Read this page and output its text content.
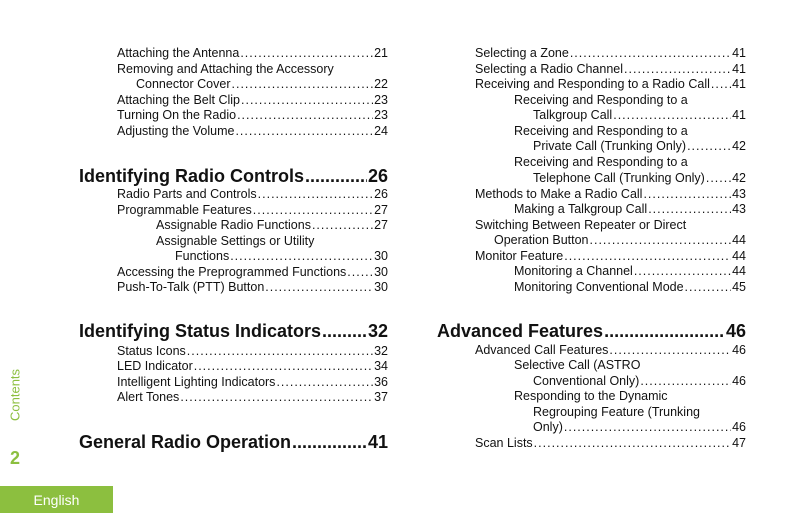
Attaching the Antenna .....	21
Removing and Attaching the Accessory
Connector Cover .....	22
Attaching the Belt Clip .....	23
Turning On the Radio .....	23
Adjusting the Volume .....	24
Identifying Radio Controls .....	26
Radio Parts and Controls .....	26
Programmable Features .....	27
Assignable Radio Functions .....	27
Assignable Settings or Utility
Functions .....	30
Accessing the Preprogrammed Functions ..... 30
Push-To-Talk (PTT) Button .....	30
Identifying Status Indicators .....	32
Status Icons .....	32
LED Indicator .....	34
Intelligent Lighting Indicators .....	36
Alert Tones .....	37
General Radio Operation .....	41
Selecting a Zone .....	41
Selecting a Radio Channel .....	41
Receiving and Responding to a Radio Call ..... 41
Receiving and Responding to a
Talkgroup Call .....	41
Receiving and Responding to a
Private Call (Trunking Only) .....	42
Receiving and Responding to a
Telephone Call (Trunking Only) ..... 42
Methods to Make a Radio Call .....	43
Making a Talkgroup Call .....	43
Switching Between Repeater or Direct
Operation Button .....	44
Monitor Feature .....	44
Monitoring a Channel .....	44
Monitoring Conventional Mode .....	45
Advanced Features .....	46
Advanced Call Features .....	46
Selective Call (ASTRO
Conventional Only) .....	46
Responding to the Dynamic
Regrouping Feature (Trunking
Only) .....	46
Scan Lists .....	47
Contents
2
English
